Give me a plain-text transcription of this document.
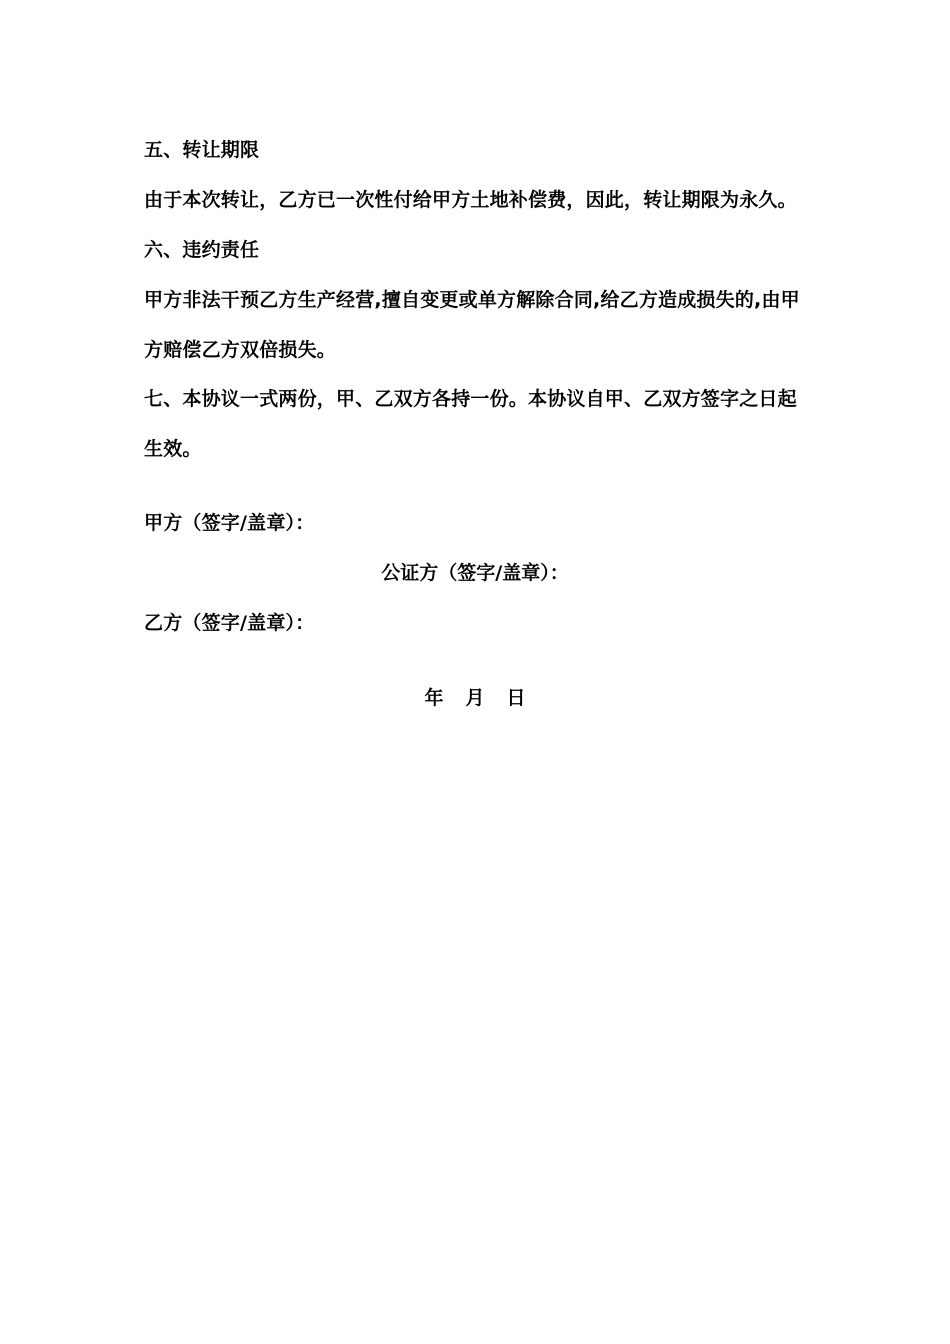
五、转让期限
由于本次转让，乙方已一次性付给甲方土地补偿费，因此，转让期限为永久。
六、违约责任
甲方非法干预乙方生产经营,擅自变更或单方解除合同,给乙方造成损失的,由甲
方赔偿乙方双倍损失。
七、本协议一式两份，甲、乙双方各持一份。本协议自甲、乙双方签字之日起
生效。
甲方（签字/盖章）：
公证方（签字/盖章）：
乙方（签字/盖章）：
年 月 日
